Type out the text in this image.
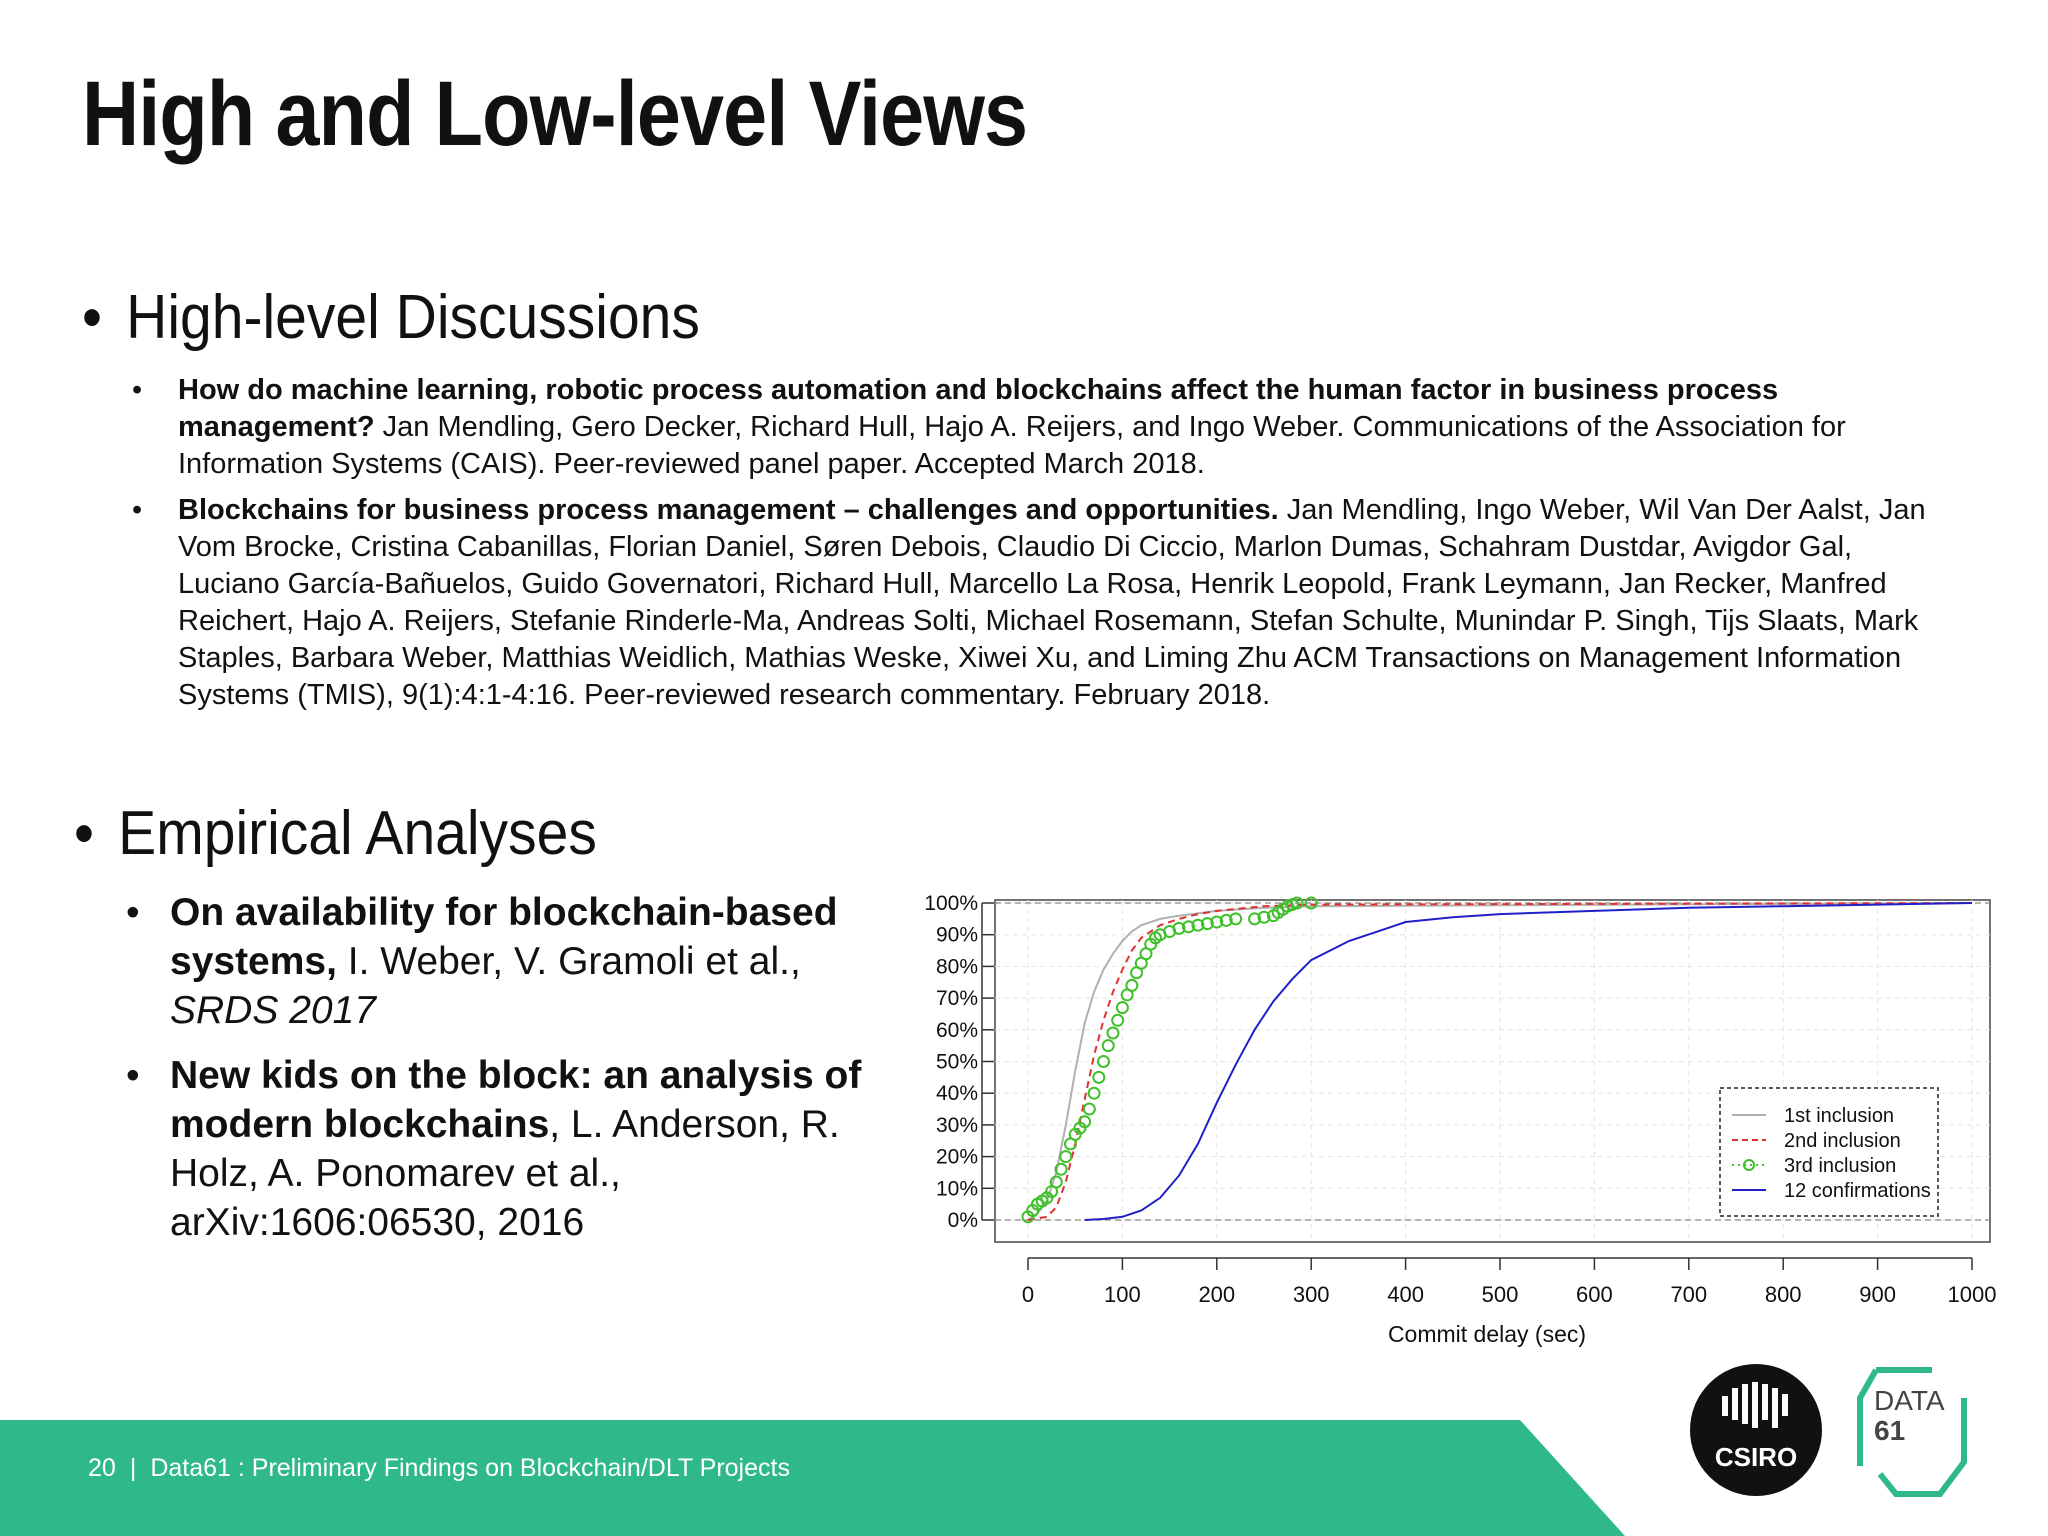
High and Low-level Views
• High-level Discussions
• How do machine learning, robotic process automation and blockchains affect the human factor in business process management? Jan Mendling, Gero Decker, Richard Hull, Hajo A. Reijers, and Ingo Weber. Communications of the Association for Information Systems (CAIS). Peer-reviewed panel paper. Accepted March 2018.
• Blockchains for business process management – challenges and opportunities. Jan Mendling, Ingo Weber, Wil Van Der Aalst, Jan Vom Brocke, Cristina Cabanillas, Florian Daniel, Søren Debois, Claudio Di Ciccio, Marlon Dumas, Schahram Dustdar, Avigdor Gal, Luciano García-Bañuelos, Guido Governatori, Richard Hull, Marcello La Rosa, Henrik Leopold, Frank Leymann, Jan Recker, Manfred Reichert, Hajo A. Reijers, Stefanie Rinderle-Ma, Andreas Solti, Michael Rosemann, Stefan Schulte, Munindar P. Singh, Tijs Slaats, Mark Staples, Barbara Weber, Matthias Weidlich, Mathias Weske, Xiwei Xu, and Liming Zhu ACM Transactions on Management Information Systems (TMIS), 9(1):4:1-4:16. Peer-reviewed research commentary. February 2018.
• Empirical Analyses
• On availability for blockchain-based systems, I. Weber, V. Gramoli et al., SRDS 2017
• New kids on the block: an analysis of modern blockchains, L. Anderson, R. Holz, A. Ponomarev et al., arXiv:1606:06530, 2016	0%
10%
20%
30%
40%
50%
60%
70%
80%
90%
100%
0	100	200	300	400	500	600	700	800	900 1000
Commit delay (sec)
1st inclusion
2nd inclusion
3rd inclusion
12 confirmations
20 | Data61 : Preliminary Findings on Blockchain/DLT Projects	CSIRO
DATA
61
